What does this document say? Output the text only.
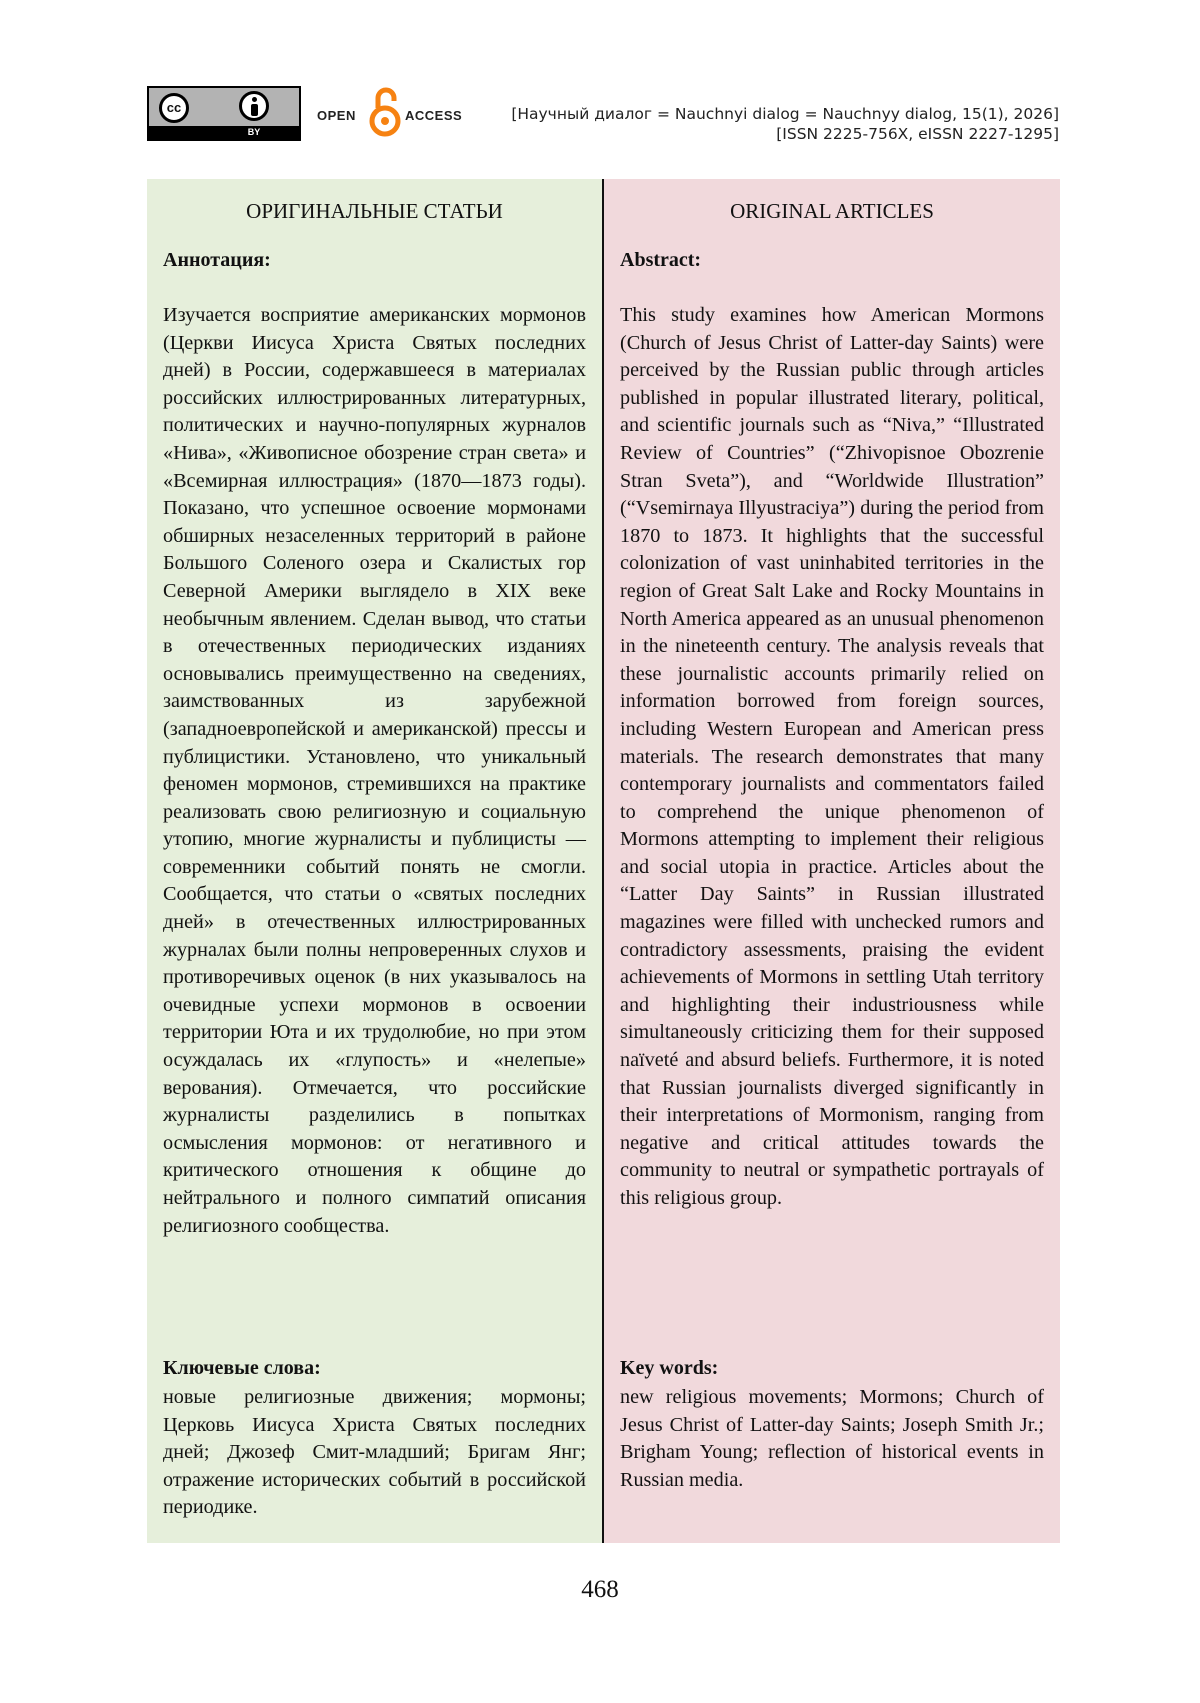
cc
BY
OPEN	ACCESS	[Научный диалог = Nauchnyi dialog = Nauchnyy dialog, 15(1), 2026]
[ISSN 2225-756X, eISSN 2227-1295]
ОРИГИНАЛЬНЫЕ СТАТЬИ
Аннотация:
Изучается восприятие американских мормонов (Церкви Иисуса Христа Святых последних дней) в России, содержавшееся в материалах российских иллюстрированных литературных, политических и научно-популярных журналов «Нива», «Живописное обозрение стран света» и «Всемирная иллюстрация» (1870—1873 годы). Показано, что успешное освоение мормонами обширных незаселенных территорий в районе Большого Соленого озера и Скалистых гор Северной Америки выглядело в XIX веке необычным явлением. Сделан вывод, что статьи в отечественных периодических изданиях основывались преимущественно на сведениях, заимствованных из зарубежной (западноевропейской и американской) прессы и публицистики. Установлено, что уникальный феномен мормонов, стремившихся на практике реализовать свою религиозную и социальную утопию, многие журналисты и публицисты — современники событий понять не смогли. Сообщается, что статьи о «святых последних дней» в отечественных иллюстрированных журналах были полны непроверенных слухов и противоречивых оценок (в них указывалось на очевидные успехи мормонов в освоении территории Юта и их трудолюбие, но при этом осуждалась их «глупость» и «нелепые» верования). Отмечается, что российские журналисты разделились в попытках осмысления мормонов: от негативного и критического отношения к общине до нейтрального и полного симпатий описания религиозного сообщества.
Ключевые слова:
новые религиозные движения; мормоны; Церковь Иисуса Христа Святых последних дней; Джозеф Смит-младший; Бригам Янг; отражение исторических событий в российской периодике.
ORIGINAL ARTICLES
Abstract:
This study examines how American Mormons (Church of Jesus Christ of Latter-day Saints) were perceived by the Russian public through articles published in popular illustrated literary, political, and scientific journals such as “Niva,” “Illustrated Review of Countries” (“Zhivopisnoe Obozrenie Stran Sveta”), and “Worldwide Illustration” (“Vsemirnaya Illyustraciya”) during the period from 1870 to 1873. It highlights that the successful colonization of vast uninhabited territories in the region of Great Salt Lake and Rocky Mountains in North America appeared as an unusual phenomenon in the nineteenth century. The analysis reveals that these journalistic accounts primarily relied on information borrowed from foreign sources, including Western European and American press materials. The research demonstrates that many contemporary journalists and commentators failed to comprehend the unique phenomenon of Mormons attempting to implement their religious and social utopia in practice. Articles about the “Latter Day Saints” in Russian illustrated magazines were filled with unchecked rumors and contradictory assessments, praising the evident achievements of Mormons in settling Utah territory and highlighting their industriousness while simultaneously criticizing them for their supposed naïveté and absurd beliefs. Furthermore, it is noted that Russian journalists diverged significantly in their interpretations of Mormonism, ranging from negative and critical attitudes towards the community to neutral or sympathetic portrayals of this religious group.
Key words:
new religious movements; Mormons; Church of Jesus Christ of Latter-day Saints; Joseph Smith Jr.; Brigham Young; reflection of historical events in Russian media.
468
